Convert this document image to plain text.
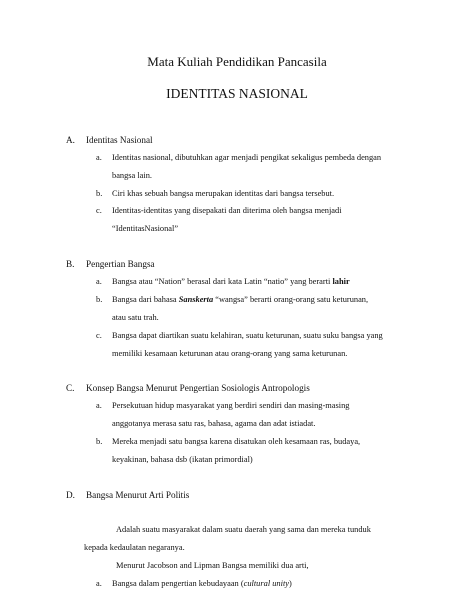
Mata Kuliah Pendidikan Pancasila
IDENTITAS NASIONAL
A. Identitas Nasional
a. Identitas nasional, dibutuhkan agar menjadi pengikat sekaligus pembeda dengan
bangsa lain.
b. Ciri khas sebuah bangsa merupakan identitas dari bangsa tersebut.
c. Identitas-identitas yang disepakati dan diterima oleh bangsa menjadi
“IdentitasNasional”
B. Pengertian Bangsa
a. Bangsa atau “Nation” berasal dari kata Latin “natio” yang berarti lahir
b. Bangsa dari bahasa Sanskerta “wangsa” berarti orang-orang satu keturunan,
atau satu trah.
c. Bangsa dapat diartikan suatu kelahiran, suatu keturunan, suatu suku bangsa yang
memiliki kesamaan keturunan atau orang-orang yang sama keturunan.
C. Konsep Bangsa Menurut Pengertian Sosiologis Antropologis
a. Persekutuan hidup masyarakat yang berdiri sendiri dan masing-masing
anggotanya merasa satu ras, bahasa, agama dan adat istiadat.
b. Mereka menjadi satu bangsa karena disatukan oleh kesamaan ras, budaya,
keyakinan, bahasa dsb (ikatan primordial)
D. Bangsa Menurut Arti Politis
Adalah suatu masyarakat dalam suatu daerah yang sama dan mereka tunduk
kepada kedaulatan negaranya.
Menurut Jacobson and Lipman Bangsa memiliki dua arti,
a. Bangsa dalam pengertian kebudayaan (cultural unity)
